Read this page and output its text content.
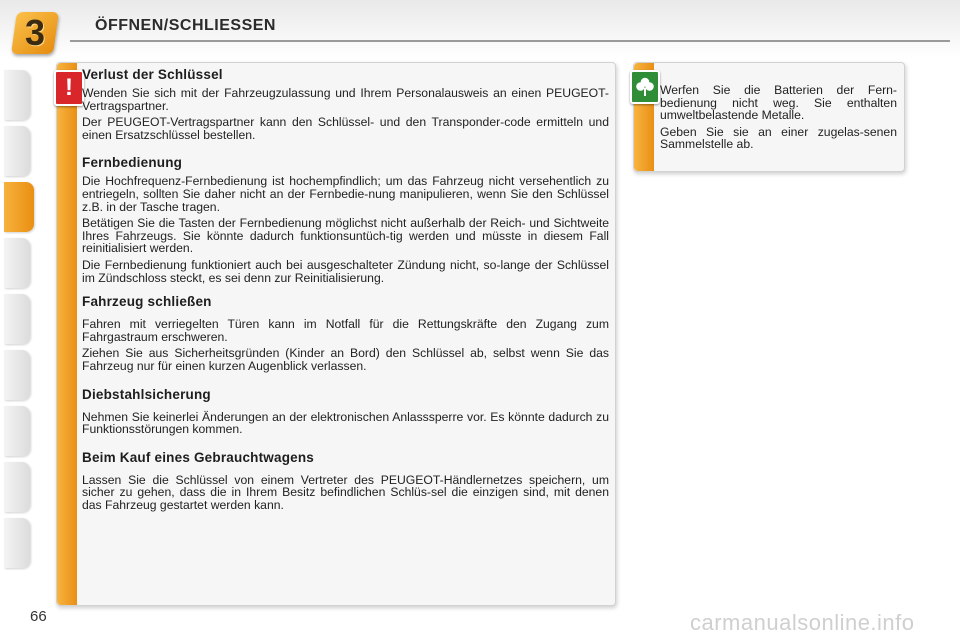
3	ÖFFNEN/SCHLIESSEN
! Verlust der Schlüssel

Wenden Sie sich mit der Fahrzeugzulassung und Ihrem Personalausweis an einen PEUGEOT-Vertragspartner.

Der PEUGEOT-Vertragspartner kann den Schlüssel- und den Transponder-code ermitteln und einen Ersatzschlüssel bestellen.

Fernbedienung

Die Hochfrequenz-Fernbedienung ist hochempfindlich; um das Fahrzeug nicht versehentlich zu entriegeln, sollten Sie daher nicht an der Fernbedie-nung manipulieren, wenn Sie den Schlüssel z.B. in der Tasche tragen.

Betätigen Sie die Tasten der Fernbedienung möglichst nicht außerhalb der Reich- und Sichtweite Ihres Fahrzeugs. Sie könnte dadurch funktionsuntüch-tig werden und müsste in diesem Fall reinitialisiert werden.

Die Fernbedienung funktioniert auch bei ausgeschalteter Zündung nicht, so-lange der Schlüssel im Zündschloss steckt, es sei denn zur Reinitialisierung.

Fahrzeug schließen

Fahren mit verriegelten Türen kann im Notfall für die Rettungskräfte den Zugang zum Fahrgastraum erschweren.

Ziehen Sie aus Sicherheitsgründen (Kinder an Bord) den Schlüssel ab, selbst wenn Sie das Fahrzeug nur für einen kurzen Augenblick verlassen.

Diebstahlsicherung

Nehmen Sie keinerlei Änderungen an der elektronischen Anlasssperre vor. Es könnte dadurch zu Funktionsstörungen kommen.

Beim Kauf eines Gebrauchtwagens

Lassen Sie die Schlüssel von einem Vertreter des PEUGEOT-Händlernetzes speichern, um sicher zu gehen, dass die in Ihrem Besitz befindlichen Schlüs-sel die einzigen sind, mit denen das Fahrzeug gestartet werden kann.

Werfen Sie die Batterien der Fern-bedienung nicht weg. Sie enthalten umweltbelastende Metalle.

Geben Sie sie an einer zugelas-senen Sammelstelle ab.

66	carmanualsonline.info
